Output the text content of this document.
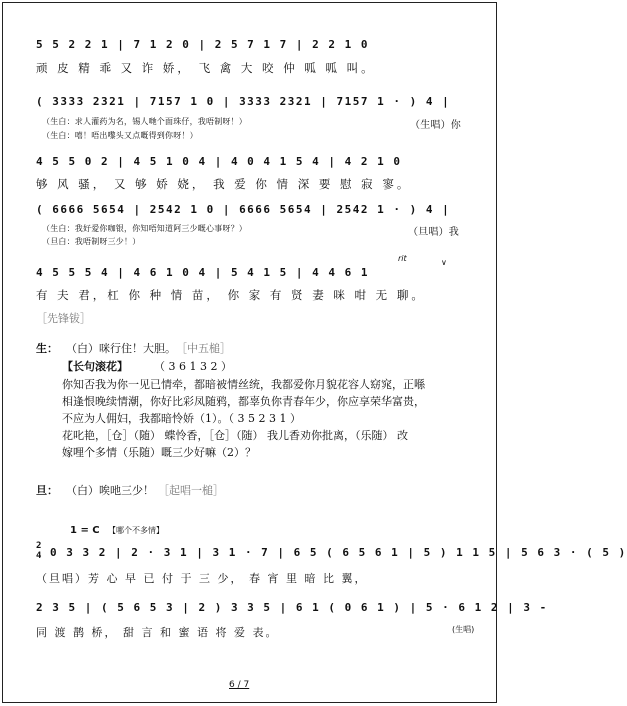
5 5 2 2 1 | 7 1 2 0 | 2 5 7 1 7 | 2 2 1 0
顽 皮 精 乖 又 诈 娇， 飞 禽 大 咬 仲 呱 呱 叫。
( 3333 2321 | 7157 1 0 | 3333 2321 | 7157 1 · ) 4 |
（生白：求人灌药为名，锡人哋个面珠仔，我唔制呀！）
（生白：嘻！唔出嚟头又点嘅得到你呀！）
（生唱）你
4 5 5 0 2 | 4 5 1 0 4 | 4 0 4 1 5 4 | 4 2 1 0
够 风 骚， 又 够 娇 娆， 我 爱 你 情 深 要 慰 寂 寥。
( 6666 5654 | 2542 1 0 | 6666 5654 | 2542 1 · ) 4 |
（生白：我好爱你咖银，你知唔知道阿三少嘅心事呀？）
（旦白：我唔制呀三少！）
（旦唱）我
rit	∨
4 5 5 5 4 | 4 6 1 0 4 | 5 4 1 5 | 4 4 6 1
有 夫 君，杠 你 种 情 苗， 你 家 有 贤 妻 咪 咁 无 聊。
［先锋钹］
生： （白）咪行住！大胆。 ［中五槌］
【长句滚花】 （ 3 6 1 3 2 ）
你知否我为你一见已情牵，都暗被情丝统，我都爱你月貌花容人窈窕，正喺
相逢恨晚续情潮，你好比彩凤随鸦，都辜负你青春年少，你应享荣华富贵，
不应为人佣妇，我都暗怜娇（1）。（ 3 5 2 3 1 ）
花叱艳，［仓］（随） 蝶怜香，［仓］（随） 我儿香劝你批离，（乐随） 改
嫁哩个多情（乐随）嘅三少好嘛（2）？
旦： （白）唉吔三少！ ［起唱一槌］
1 = C 【哪个不多情】
2
4 0 3 3 2 | 2 · 3 1 | 3 1 · 7 | 6 5 ( 6 5 6 1 | 5 ) 1 1 5 | 5 6 3 · ( 5 )
（旦唱）芳 心 早 已 付 于 三 少， 春 宵 里 暗 比 翼，
2 3 5 | ( 5 6 5 3 | 2 ) 3 3 5 | 6 1 ( 0 6 1 ) | 5 · 6 1 2 | 3 -
同 渡 鹊 桥， 甜 言 和 蜜 语 将 爱 表。	(生唱)
6 / 7
